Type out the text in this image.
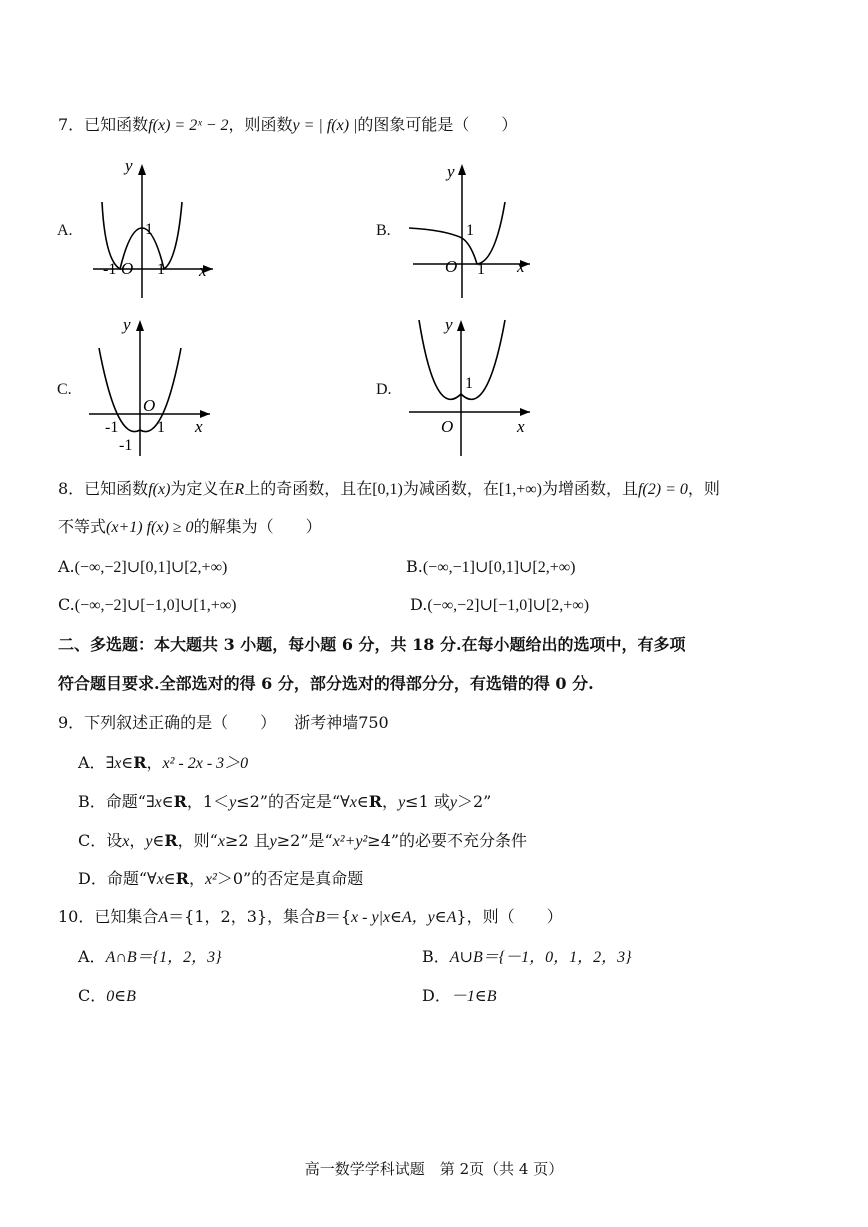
7．已知函数f(x) = 2ˣ − 2，则函数y = | f(x) |的图象可能是（　　）
A.
y
x
-1 O 1
1	B.
y
x
O 1
1
C.
y
x
O
-1 1
-1
D.
y
x
O
1
8．已知函数f(x)为定义在R上的奇函数，且在[0,1)为减函数，在[1,+∞)为增函数，且f(2) = 0，则
不等式(x+1) f(x) ≥ 0的解集为（　　）
A.(−∞,−2]∪[0,1]∪[2,+∞)	B.(−∞,−1]∪[0,1]∪[2,+∞)
C.(−∞,−2]∪[−1,0]∪[1,+∞)	D.(−∞,−2]∪[−1,0]∪[2,+∞)
二、多选题：本大题共 3 小题，每小题 6 分，共 18 分.在每小题给出的选项中，有多项
符合题目要求.全部选对的得 6 分，部分选对的得部分分，有选错的得 0 分.
9．下列叙述正确的是（　　） 浙考神墙750
A．∃x∈R，x² - 2x - 3＞0
B．命题“∃x∈R，1＜y≤2”的否定是“∀x∈R，y≤1 或y＞2”
C．设x，y∈R，则“x≥2 且y≥2”是“x²+y²≥4”的必要不充分条件
D．命题“∀x∈R，x²＞0”的否定是真命题
10．已知集合A＝{1，2，3}，集合B＝{x - y|x∈A，y∈A}，则（　　）
A．A∩B＝{1，2，3}	B．A∪B＝{－1，0，1，2，3}
C．0∈B	D．－1∈B
高一数学学科试题　第 2页（共 4 页）
